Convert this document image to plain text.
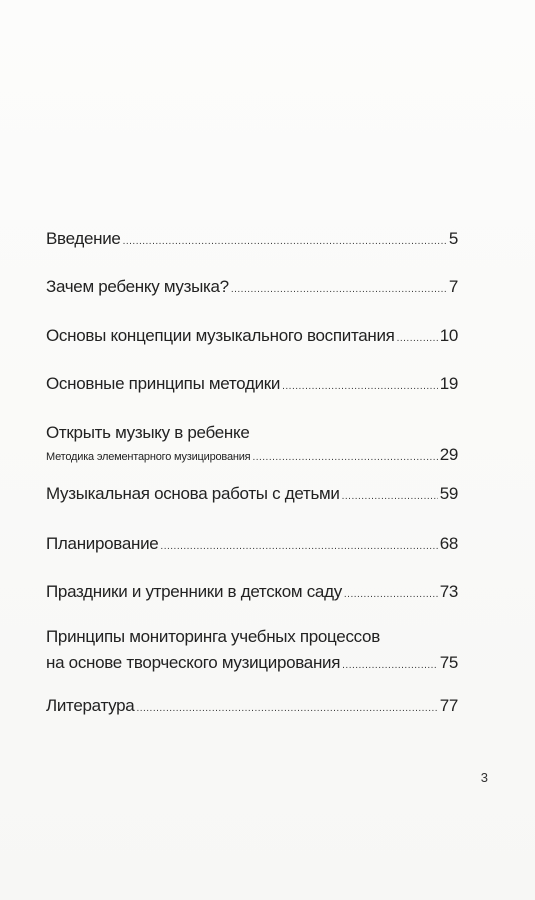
Введение .....	5
Зачем ребенку музыка? .....	7
Основы концепции музыкального воспитания .....	10
Основные принципы методики .....	19
Открыть музыку в ребенке
Методика элементарного музицирования .....	29
Музыкальная основа работы с детьми .....	59
Планирование .....	68
Праздники и утренники в детском саду .....	73
Принципы мониторинга учебных процессов
на основе творческого музицирования .....	75
Литература .....	77
3
